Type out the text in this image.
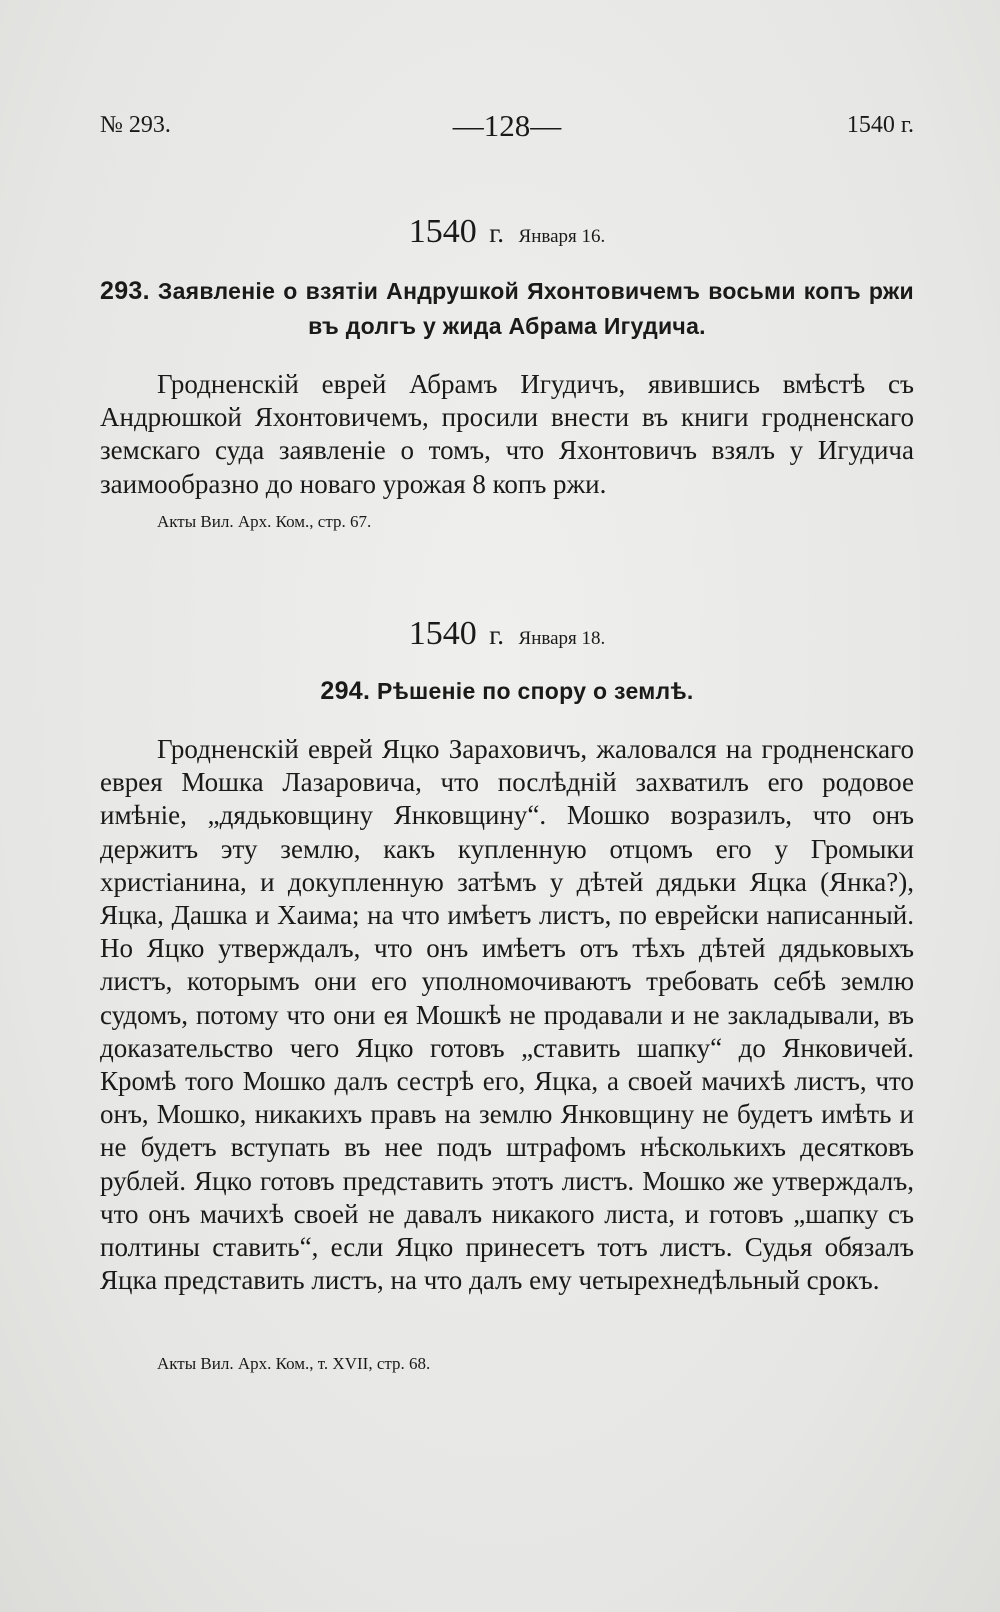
№ 293.	—128—	1540 г.
1540 г. Января 16.
293. Заявленіе о взятіи Андрушкой Яхонтовичемъ восьми копъ ржи въ долгъ у жида Абрама Игудича.

Гродненскій еврей Абрамъ Игудичъ, явившись вмѣстѣ съ Андрюшкой Яхонтовичемъ, просили внести въ книги гродненскаго земскаго суда заявленіе о томъ, что Яхонтовичъ взялъ у Игудича заимообразно до новаго урожая 8 копъ ржи.

Акты Вил. Арх. Ком., стр. 67.
1540 г. Января 18.
294. Рѣшеніе по спору о землѣ.

Гродненскій еврей Яцко Зараховичъ, жаловался на гродненскаго еврея Мошка Лазаровича, что послѣдній захватилъ его родовое имѣніе, „дядьковщину Янковщину“. Мошко возразилъ, что онъ держитъ эту землю, какъ купленную отцомъ его у Громыки христіанина, и докупленную затѣмъ у дѣтей дядьки Яцка (Янка?), Яцка, Дашка и Хаима; на что имѣетъ листъ, по еврейски написанный. Но Яцко утверждалъ, что онъ имѣетъ отъ тѣхъ дѣтей дядьковыхъ листъ, которымъ они его уполномочиваютъ требовать себѣ землю судомъ, потому что они ея Мошкѣ не продавали и не закладывали, въ доказательство чего Яцко готовъ „ставить шапку“ до Янковичей. Кромѣ того Мошко далъ сестрѣ его, Яцка, а своей мачихѣ листъ, что онъ, Мошко, никакихъ правъ на землю Янковщину не будетъ имѣть и не будетъ вступать въ нее подъ штрафомъ нѣсколькихъ десятковъ рублей. Яцко готовъ представить этотъ листъ. Мошко же утверждалъ, что онъ мачихѣ своей не давалъ никакого листа, и готовъ „шапку съ полтины ставить“, если Яцко принесетъ тотъ листъ. Судья обязалъ Яцка представить листъ, на что далъ ему четырехнедѣльный срокъ.

Акты Вил. Арх. Ком., т. XVII, стр. 68.
